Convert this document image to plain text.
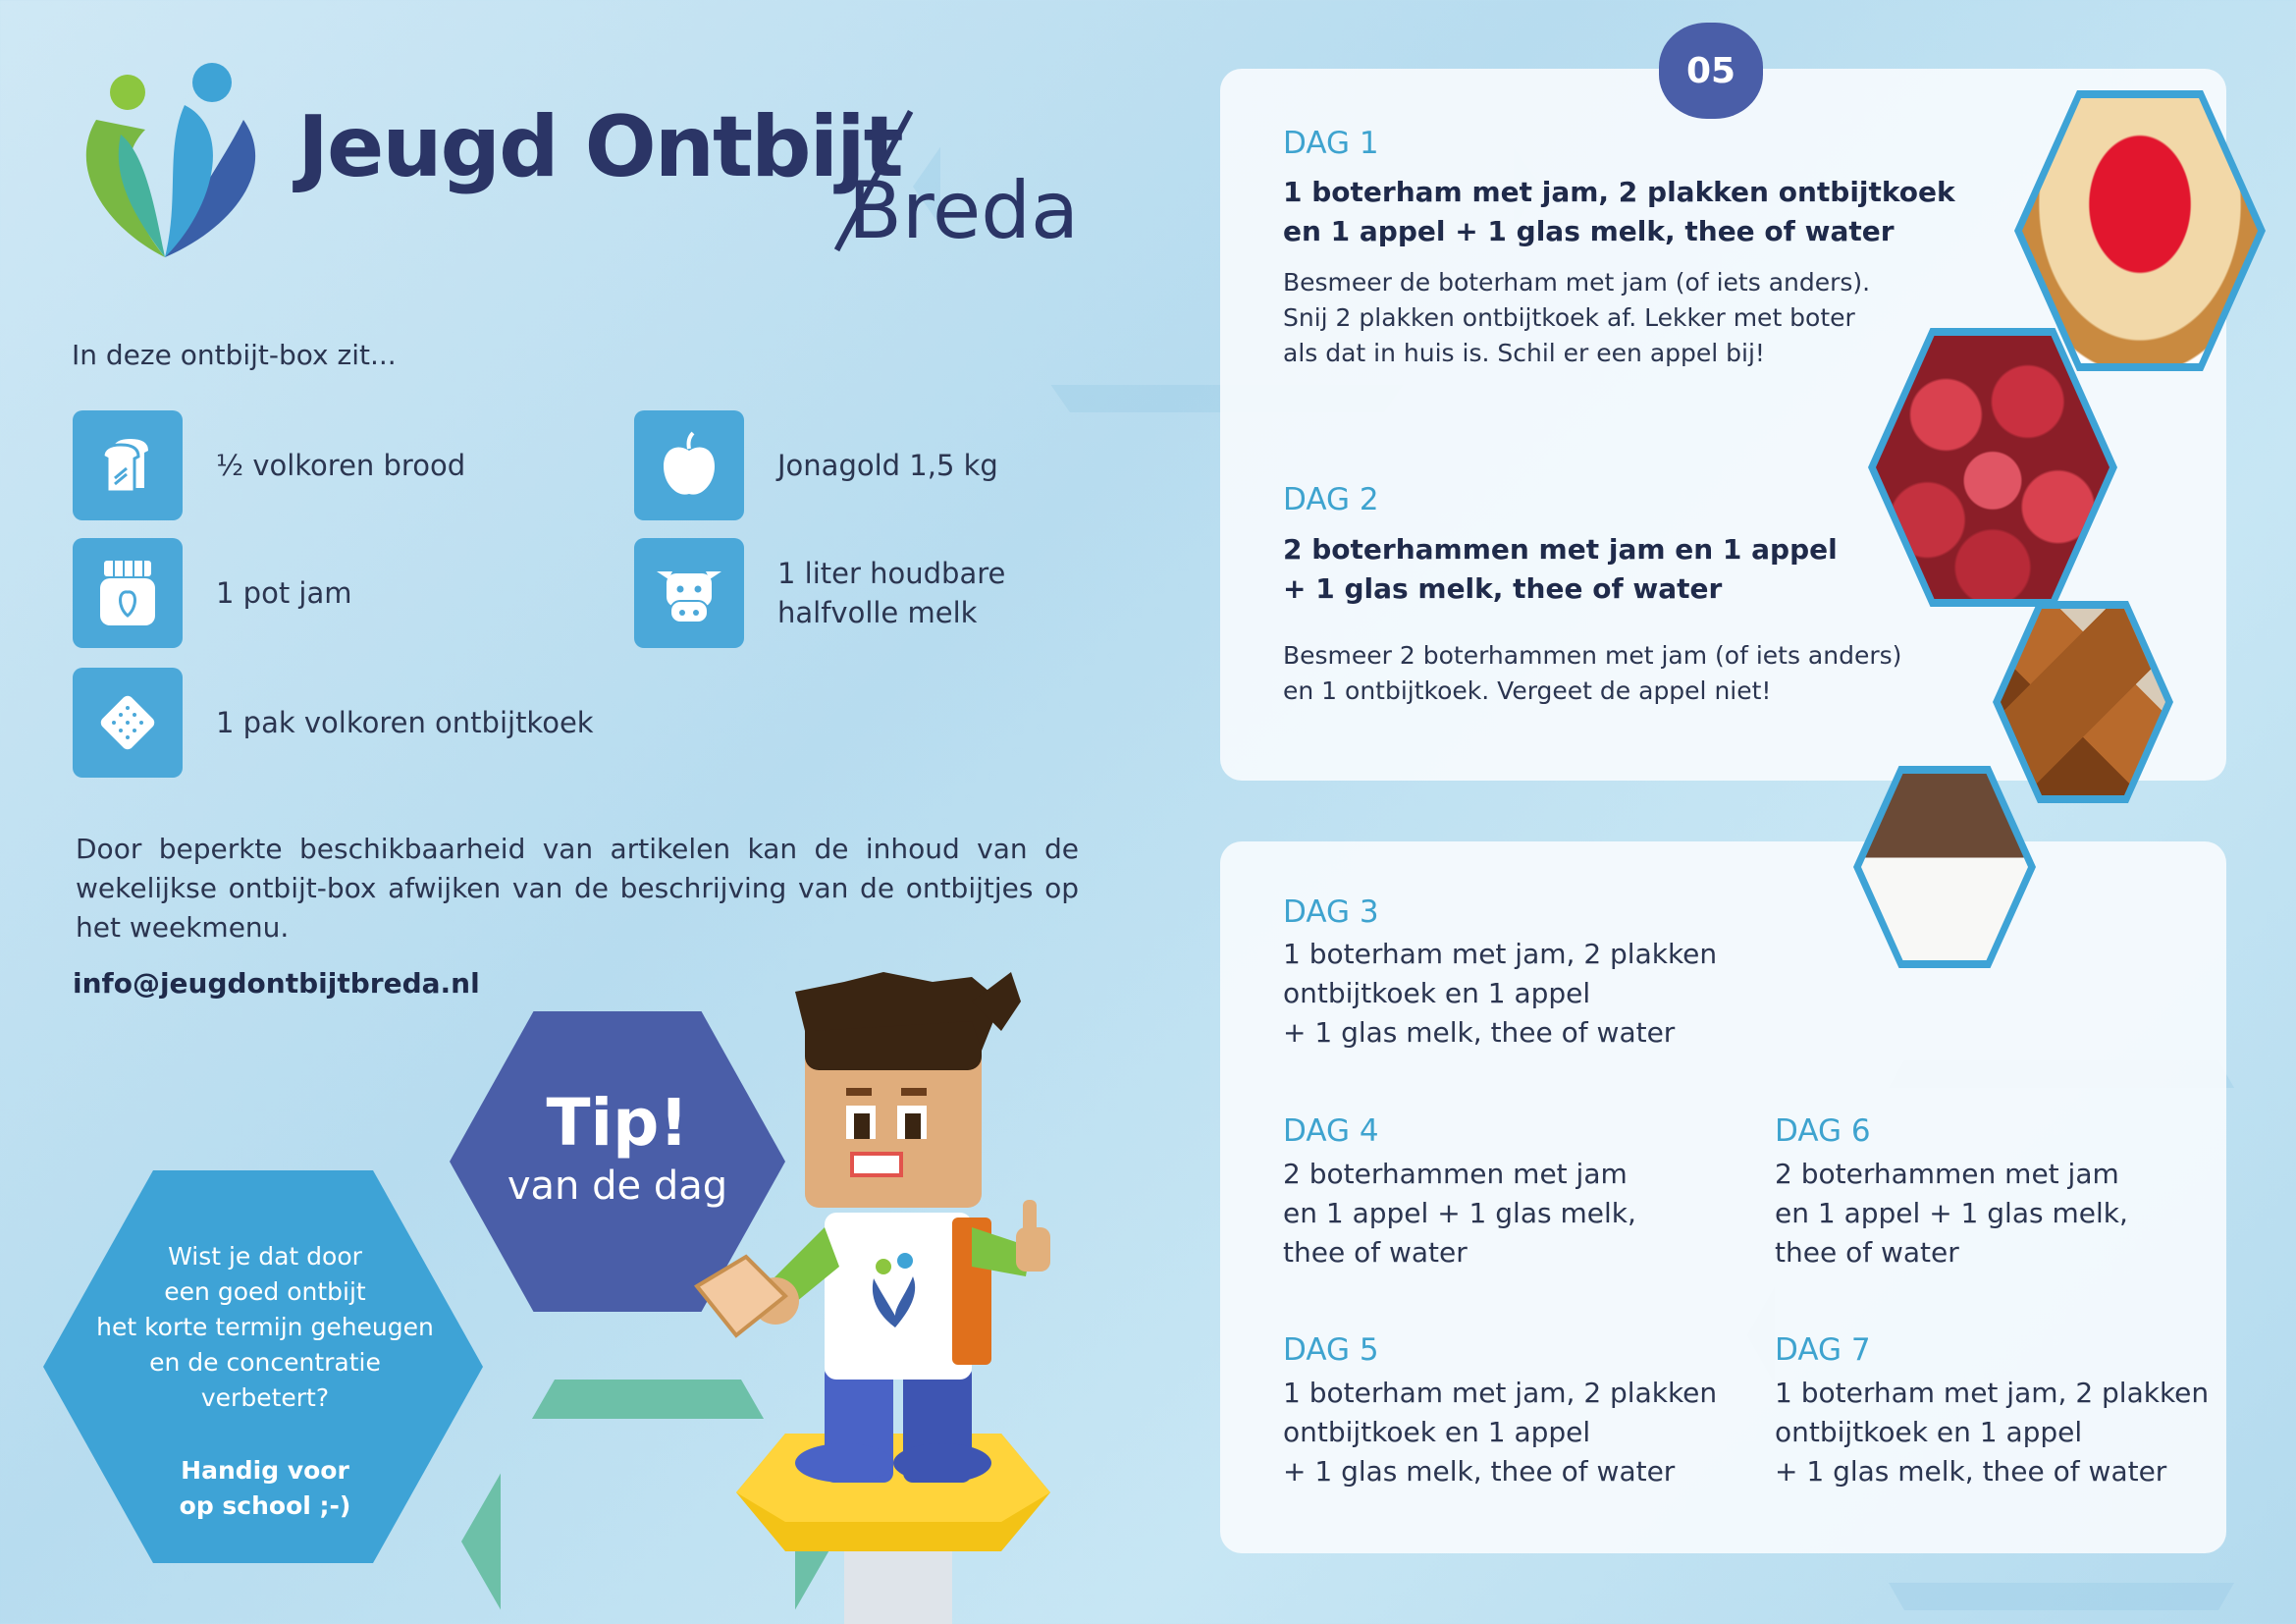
Jeugd Ontbijt
Breda
In deze ontbijt-box zit...
½ volkoren brood	Jonagold 1,5 kg
1 pot jam
1 liter houdbare
halfvolle melk
1 pak volkoren ontbijtkoek
Door beperkte beschikbaarheid van artikelen kan de inhoud van de wekelijkse ontbijt-box afwijken van de beschrijving van de ontbijtjes op het weekmenu.
info@jeugdontbijtbreda.nl
Wist je dat door
een goed ontbijt
het korte termijn geheugen
en de concentratie
verbetert?
Handig voor
op school ;-)
Tip!
van de dag
05
DAG 1
1 boterham met jam, 2 plakken ontbijtkoek
en 1 appel + 1 glas melk, thee of water
Besmeer de boterham met jam (of iets anders).
Snij 2 plakken ontbijtkoek af. Lekker met boter
als dat in huis is. Schil er een appel bij!
DAG 2
2 boterhammen met jam en 1 appel
+ 1 glas melk, thee of water
Besmeer 2 boterhammen met jam (of iets anders)
en 1 ontbijtkoek. Vergeet de appel niet!
DAG 3
1 boterham met jam, 2 plakken
ontbijtkoek en 1 appel
+ 1 glas melk, thee of water
DAG 4
2 boterhammen met jam
en 1 appel + 1 glas melk,
thee of water
DAG 6
2 boterhammen met jam
en 1 appel + 1 glas melk,
thee of water
DAG 5
1 boterham met jam, 2 plakken
ontbijtkoek en 1 appel
+ 1 glas melk, thee of water
DAG 7
1 boterham met jam, 2 plakken
ontbijtkoek en 1 appel
+ 1 glas melk, thee of water
